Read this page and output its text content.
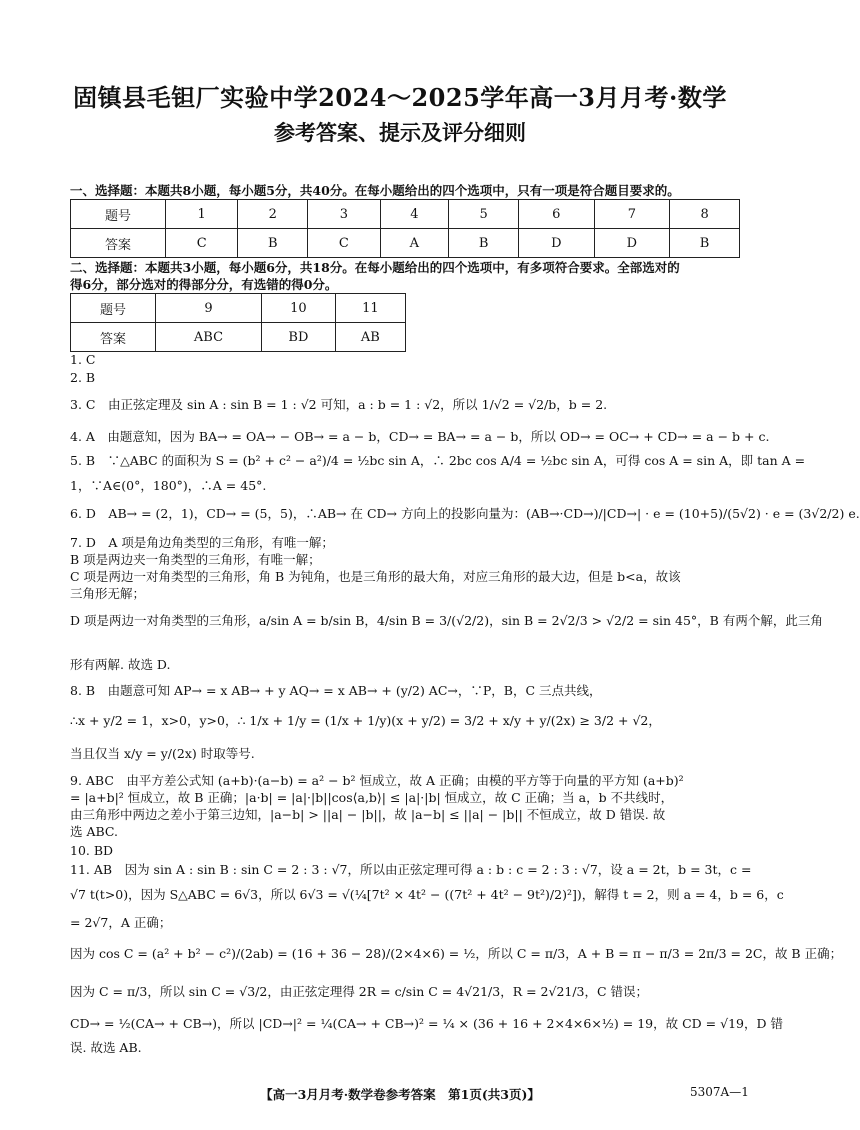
固镇县毛钽厂实验中学2024～2025学年高一3月月考·数学
参考答案、提示及评分细则
一、选择题：本题共8小题，每小题5分，共40分。在每小题给出的四个选项中，只有一项是符合题目要求的。
题号	1	2	3	4	5	6	7	8
答案	C	B	C	A	B	D	D	B
二、选择题：本题共3小题，每小题6分，共18分。在每小题给出的四个选项中，有多项符合要求。全部选对的
得6分，部分选对的得部分分，有选错的得0分。
题号	9	10	11
答案	ABC	BD	AB
1. C
2. B
3. C　由正弦定理及 sin A : sin B = 1 : √2 可知，a : b = 1 : √2，所以 1/√2 = √2/b，b = 2.
4. A　由题意知，因为 BA→ = OA→ − OB→ = a − b，CD→ = BA→ = a − b，所以 OD→ = OC→ + CD→ = a − b + c.
5. B　∵△ABC 的面积为 S = (b² + c² − a²)/4 = ½bc sin A，∴ 2bc cos A/4 = ½bc sin A，可得 cos A = sin A，即 tan A =
1，∵A∈(0°，180°)，∴A = 45°.
6. D　AB→ = (2，1)，CD→ = (5，5)，∴AB→ 在 CD→ 方向上的投影向量为：(AB→·CD→)/|CD→| · e = (10+5)/(5√2) · e = (3√2/2) e.
7. D　A 项是角边角类型的三角形，有唯一解；
B 项是两边夹一角类型的三角形，有唯一解；
C 项是两边一对角类型的三角形，角 B 为钝角，也是三角形的最大角，对应三角形的最大边，但是 b<a，故该
三角形无解；
D 项是两边一对角类型的三角形，a/sin A = b/sin B，4/sin B = 3/(√2/2)，sin B = 2√2/3 > √2/2 = sin 45°，B 有两个解，此三角
形有两解. 故选 D.
8. B　由题意可知 AP→ = x AB→ + y AQ→ = x AB→ + (y/2) AC→，∵P，B，C 三点共线，
∴x + y/2 = 1，x>0，y>0，∴ 1/x + 1/y = (1/x + 1/y)(x + y/2) = 3/2 + x/y + y/(2x) ≥ 3/2 + √2，
当且仅当 x/y = y/(2x) 时取等号.
9. ABC　由平方差公式知 (a+b)·(a−b) = a² − b² 恒成立，故 A 正确；由模的平方等于向量的平方知 (a+b)²
= |a+b|² 恒成立，故 B 正确；|a·b| = |a|·|b||cos⟨a,b⟩| ≤ |a|·|b| 恒成立，故 C 正确；当 a，b 不共线时，
由三角形中两边之差小于第三边知，|a−b| > ||a| − |b||，故 |a−b| ≤ ||a| − |b|| 不恒成立，故 D 错误. 故
选 ABC.
10. BD
11. AB　因为 sin A : sin B : sin C = 2 : 3 : √7，所以由正弦定理可得 a : b : c = 2 : 3 : √7，设 a = 2t，b = 3t，c =
√7 t(t>0)，因为 S△ABC = 6√3，所以 6√3 = √(¼[7t² × 4t² − ((7t² + 4t² − 9t²)/2)²])，解得 t = 2，则 a = 4，b = 6，c
= 2√7，A 正确；
因为 cos C = (a² + b² − c²)/(2ab) = (16 + 36 − 28)/(2×4×6) = ½，所以 C = π/3，A + B = π − π/3 = 2π/3 = 2C，故 B 正确；
因为 C = π/3，所以 sin C = √3/2，由正弦定理得 2R = c/sin C = 4√21/3，R = 2√21/3，C 错误；
CD→ = ½(CA→ + CB→)，所以 |CD→|² = ¼(CA→ + CB→)² = ¼ × (36 + 16 + 2×4×6×½) = 19，故 CD = √19，D 错
误. 故选 AB.
【高一3月月考·数学卷参考答案　第1页(共3页)】	5307A—1
